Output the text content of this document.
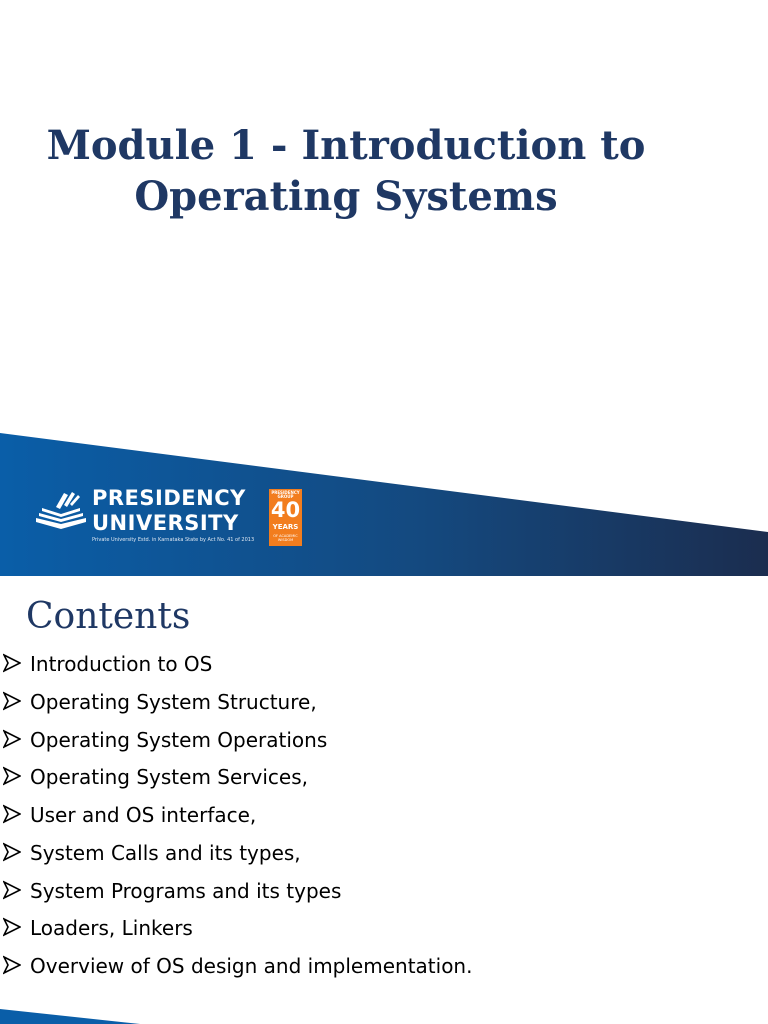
Module 1 - Introduction to
Operating Systems
PRESIDENCY
UNIVERSITY
Private University Estd. in Karnataka State by Act No. 41 of 2013
PRESIDENCY GROUP
40
YEARS
OF ACADEMIC WISDOM
Contents
Introduction to OS
Operating System Structure,
Operating System Operations
Operating System Services,
User and OS interface,
System Calls and its types,
System Programs and its types
Loaders, Linkers
Overview of OS design and implementation.
